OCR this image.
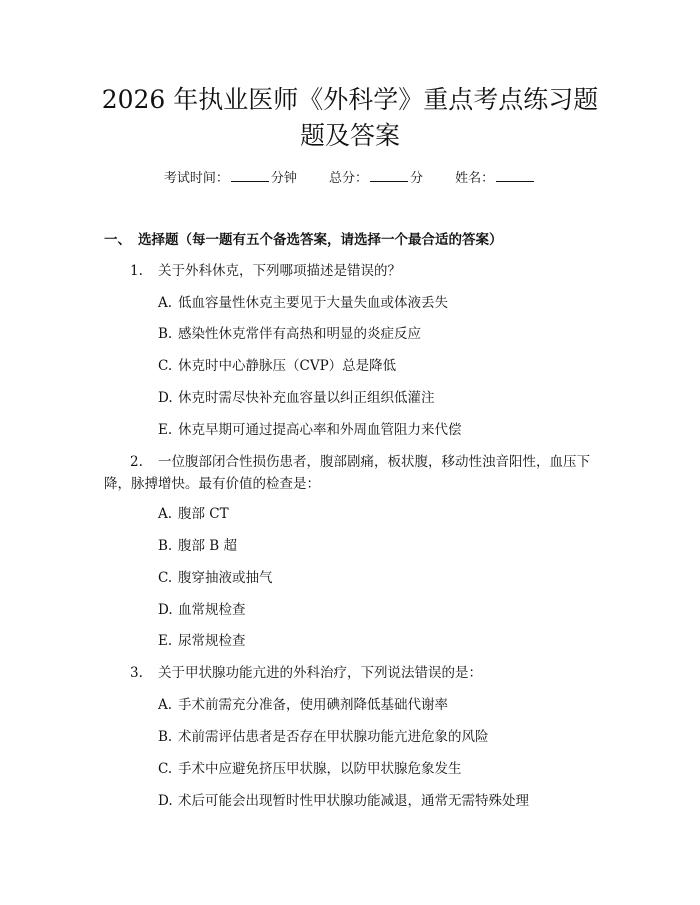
2026 年执业医师《外科学》重点考点练习题
题及答案
考试时间：	分钟 总分：	分 姓名：
一、 选择题（每一题有五个备选答案，请选择一个最合适的答案）

1. 关于外科休克，下列哪项描述是错误的？

A. 低血容量性休克主要见于大量失血或体液丢失

B. 感染性休克常伴有高热和明显的炎症反应

C. 休克时中心静脉压（CVP）总是降低

D. 休克时需尽快补充血容量以纠正组织低灌注

E. 休克早期可通过提高心率和外周血管阻力来代偿

2. 一位腹部闭合性损伤患者，腹部剧痛，板状腹，移动性浊音阳性，血压下降，脉搏增快。最有价值的检查是：

A. 腹部 CT

B. 腹部 B 超

C. 腹穿抽液或抽气

D. 血常规检查

E. 尿常规检查

3. 关于甲状腺功能亢进的外科治疗，下列说法错误的是：

A. 手术前需充分准备，使用碘剂降低基础代谢率

B. 术前需评估患者是否存在甲状腺功能亢进危象的风险

C. 手术中应避免挤压甲状腺，以防甲状腺危象发生

D. 术后可能会出现暂时性甲状腺功能减退，通常无需特殊处理
